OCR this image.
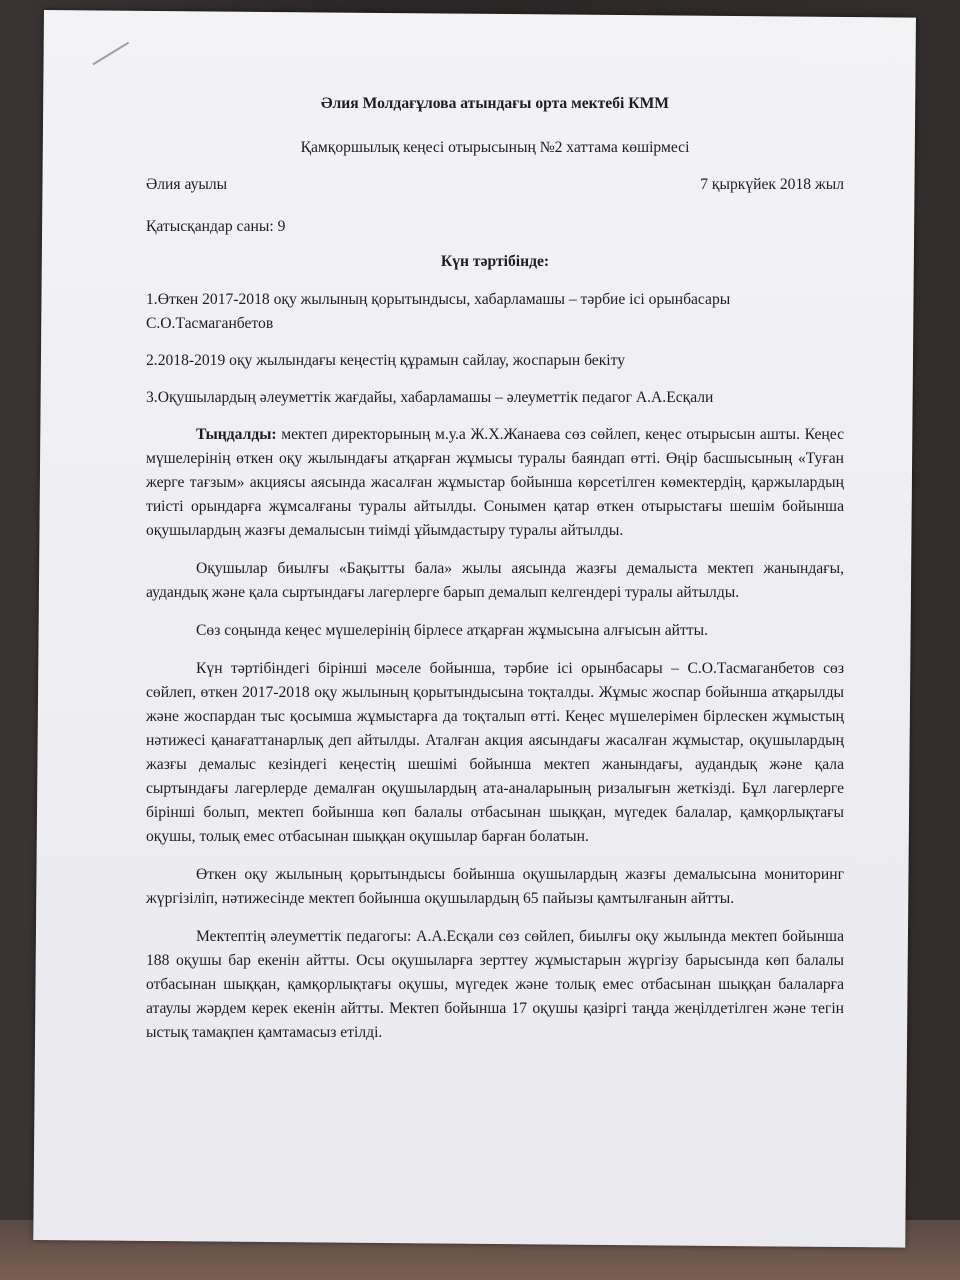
Әлия Молдағұлова атындағы орта мектебі КММ
Қамқоршылық кеңесі отырысының №2 хаттама көшірмесі
Әлия ауылы	7 қыркүйек 2018 жыл
Қатысқандар саны: 9
Күн тәртібінде:
1.Өткен 2017-2018 оқу жылының қорытындысы, хабарламашы – тәрбие ісі орынбасары С.О.Тасмаганбетов
2.2018-2019 оқу жылындағы кеңестің құрамын сайлау, жоспарын бекіту
3.Оқушылардың әлеуметтік жағдайы, хабарламашы – әлеуметтік педагог А.А.Есқали
Тыңдалды: мектеп директорының м.у.а Ж.Х.Жанаева сөз сөйлеп, кеңес отырысын ашты. Кеңес мүшелерінің өткен оқу жылындағы атқарған жұмысы туралы баяндап өтті. Өңір басшысының «Туған жерге тағзым» акциясы аясында жасалған жұмыстар бойынша көрсетілген көмектердің, қаржылардың тиісті орындарға жұмсалғаны туралы айтылды. Сонымен қатар өткен отырыстағы шешім бойынша оқушылардың жазғы демалысын тиімді ұйымдастыру туралы айтылды.
Оқушылар биылғы «Бақытты бала» жылы аясында жазғы демалыста мектеп жанындағы, аудандық және қала сыртындағы лагерлерге барып демалып келгендері туралы айтылды.
Сөз соңында кеңес мүшелерінің бірлесе атқарған жұмысына алғысын айтты.
Күн тәртібіндегі бірінші мәселе бойынша, тәрбие ісі орынбасары – С.О.Тасмаганбетов сөз сөйлеп, өткен 2017-2018 оқу жылының қорытындысына тоқталды. Жұмыс жоспар бойынша атқарылды және жоспардан тыс қосымша жұмыстарға да тоқталып өтті. Кеңес мүшелерімен бірлескен жұмыстың нәтижесі қанағаттанарлық деп айтылды. Аталған акция аясындағы жасалған жұмыстар, оқушылардың жазғы демалыс кезіндегі кеңестің шешімі бойынша мектеп жанындағы, аудандық және қала сыртындағы лагерлерде демалған оқушылардың ата-аналарының ризалығын жеткізді. Бұл лагерлерге бірінші болып, мектеп бойынша көп балалы отбасынан шыққан, мүгедек балалар, қамқорлықтағы оқушы, толық емес отбасынан шыққан оқушылар барған болатын.
Өткен оқу жылының қорытындысы бойынша оқушылардың жазғы демалысына мониторинг жүргізіліп, нәтижесінде мектеп бойынша оқушылардың 65 пайызы қамтылғанын айтты.
Мектептің әлеуметтік педагогы: А.А.Есқали сөз сөйлеп, биылғы оқу жылында мектеп бойынша 188 оқушы бар екенін айтты. Осы оқушыларға зерттеу жұмыстарын жүргізу барысында көп балалы отбасынан шыққан, қамқорлықтағы оқушы, мүгедек және толық емес отбасынан шыққан балаларға атаулы жәрдем керек екенін айтты. Мектеп бойынша 17 оқушы қазіргі таңда жеңілдетілген және тегін ыстық тамақпен қамтамасыз етілді.
